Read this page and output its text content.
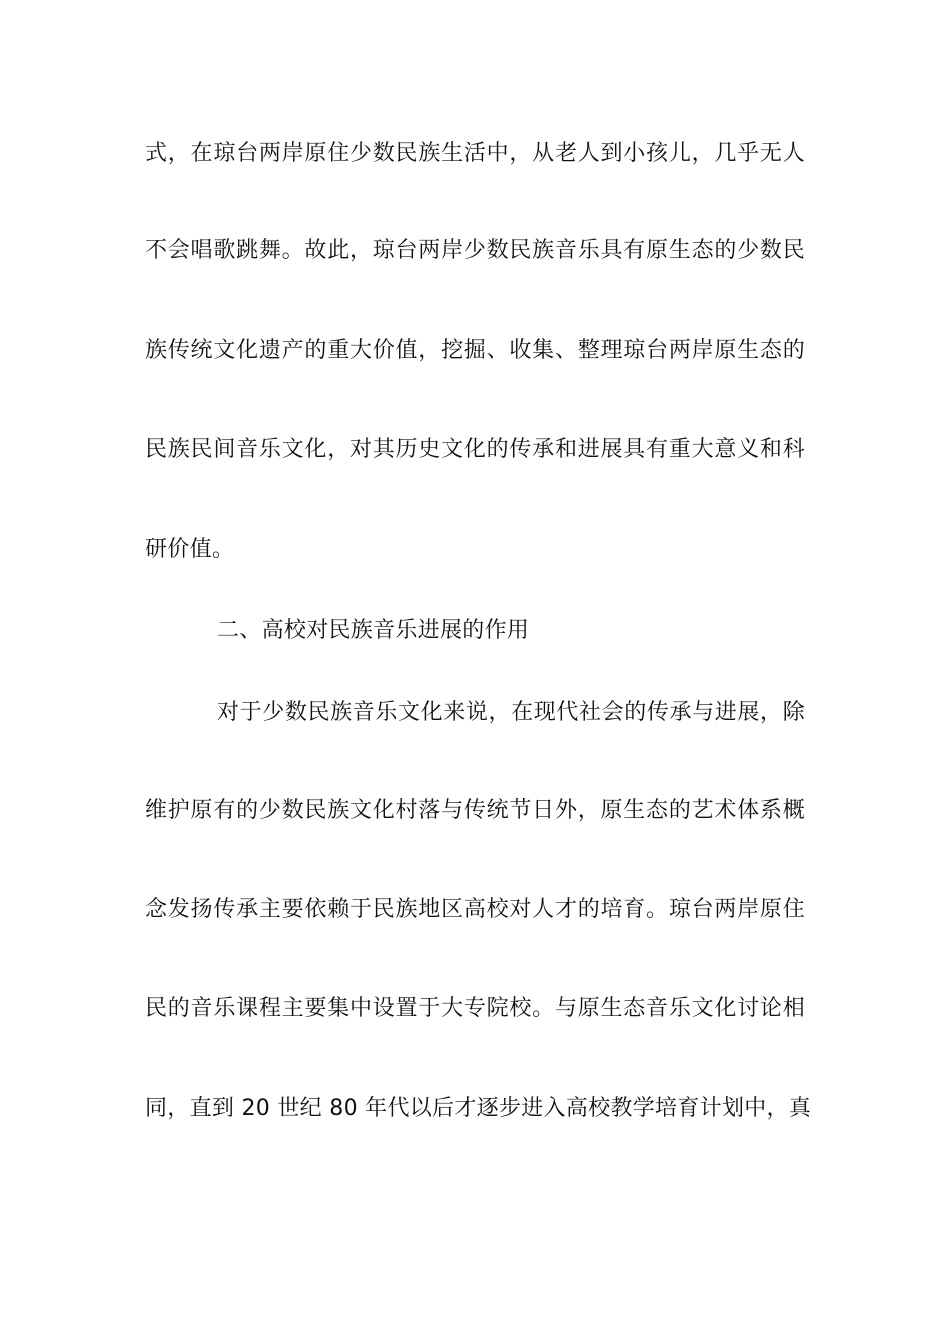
式，在琼台两岸原住少数民族生活中，从老人到小孩儿，几乎无人
不会唱歌跳舞。故此，琼台两岸少数民族音乐具有原生态的少数民
族传统文化遗产的重大价值，挖掘、收集、整理琼台两岸原生态的
民族民间音乐文化，对其历史文化的传承和进展具有重大意义和科
研价值。
二、高校对民族音乐进展的作用
对于少数民族音乐文化来说，在现代社会的传承与进展，除
维护原有的少数民族文化村落与传统节日外，原生态的艺术体系概
念发扬传承主要依赖于民族地区高校对人才的培育。琼台两岸原住
民的音乐课程主要集中设置于大专院校。与原生态音乐文化讨论相
同，直到 20 世纪 80 年代以后才逐步进入高校教学培育计划中，真
